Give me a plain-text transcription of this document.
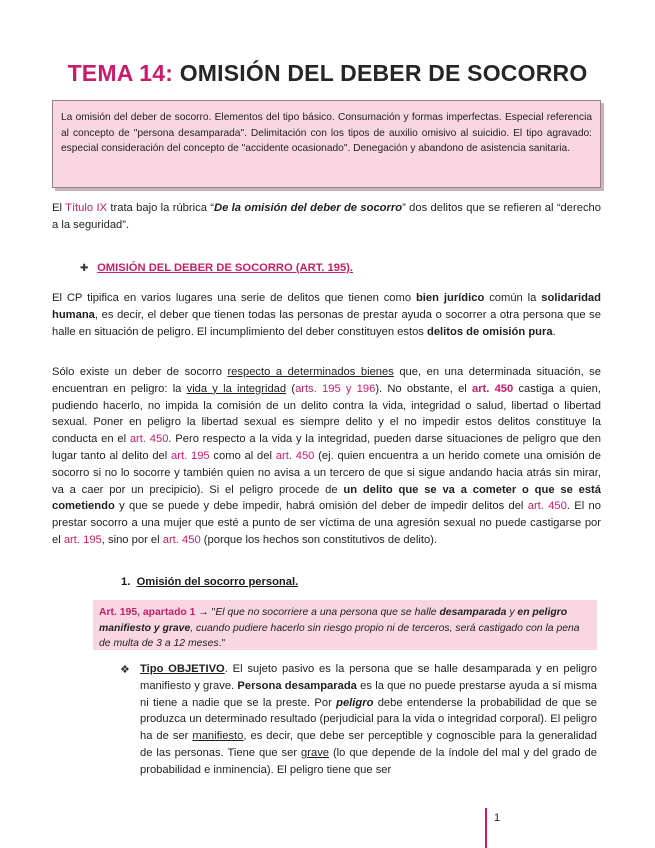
TEMA 14: OMISIÓN DEL DEBER DE SOCORRO
La omisión del deber de socorro. Elementos del tipo básico. Consumación y formas imperfectas. Especial referencia al concepto de "persona desamparada". Delimitación con los tipos de auxilio omisivo al suicidio. El tipo agravado: especial consideración del concepto de "accidente ocasionado". Denegación y abandono de asistencia sanitaria.

El Título IX trata bajo la rúbrica “De la omisión del deber de socorro” dos delitos que se refieren al “derecho a la seguridad”.

✚ OMISIÓN DEL DEBER DE SOCORRO (ART. 195).

El CP tipifica en varios lugares una serie de delitos que tienen como bien jurídico común la solidaridad humana, es decir, el deber que tienen todas las personas de prestar ayuda o socorrer a otra persona que se halle en situación de peligro. El incumplimiento del deber constituyen estos delitos de omisión pura.

Sólo existe un deber de socorro respecto a determinados bienes que, en una determinada situación, se encuentran en peligro: la vida y la integridad (arts. 195 y 196). No obstante, el art. 450 castiga a quien, pudiendo hacerlo, no impida la comisión de un delito contra la vida, integridad o salud, libertad o libertad sexual. Poner en peligro la libertad sexual es siempre delito y el no impedir estos delitos constituye la conducta en el art. 450. Pero respecto a la vida y la integridad, pueden darse situaciones de peligro que den lugar tanto al delito del art. 195 como al del art. 450 (ej. quien encuentra a un herido comete una omisión de socorro si no lo socorre y también quien no avisa a un tercero de que si sigue andando hacia atrás sin mirar, va a caer por un precipicio). Si el peligro procede de un delito que se va a cometer o que se está cometiendo y que se puede y debe impedir, habrá omisión del deber de impedir delitos del art. 450. El no prestar socorro a una mujer que esté a punto de ser víctima de una agresión sexual no puede castigarse por el art. 195, sino por el art. 450 (porque los hechos son constitutivos de delito).

1. Omisión del socorro personal.
Art. 195, apartado 1 → "El que no socorriere a una persona que se halle desamparada y en peligro manifiesto y grave, cuando pudiere hacerlo sin riesgo propio ni de terceros, será castigado con la pena de multa de 3 a 12 meses."
❖ Tipo OBJETIVO. El sujeto pasivo es la persona que se halle desamparada y en peligro manifiesto y grave. Persona desamparada es la que no puede prestarse ayuda a sí misma ni tiene a nadie que se la preste. Por peligro debe entenderse la probabilidad de que se produzca un determinado resultado (perjudicial para la vida o integridad corporal). El peligro ha de ser manifiesto, es decir, que debe ser perceptible y cognoscible para la generalidad de las personas. Tiene que ser grave (lo que depende de la índole del mal y del grado de probabilidad e inminencia). El peligro tiene que ser

1
